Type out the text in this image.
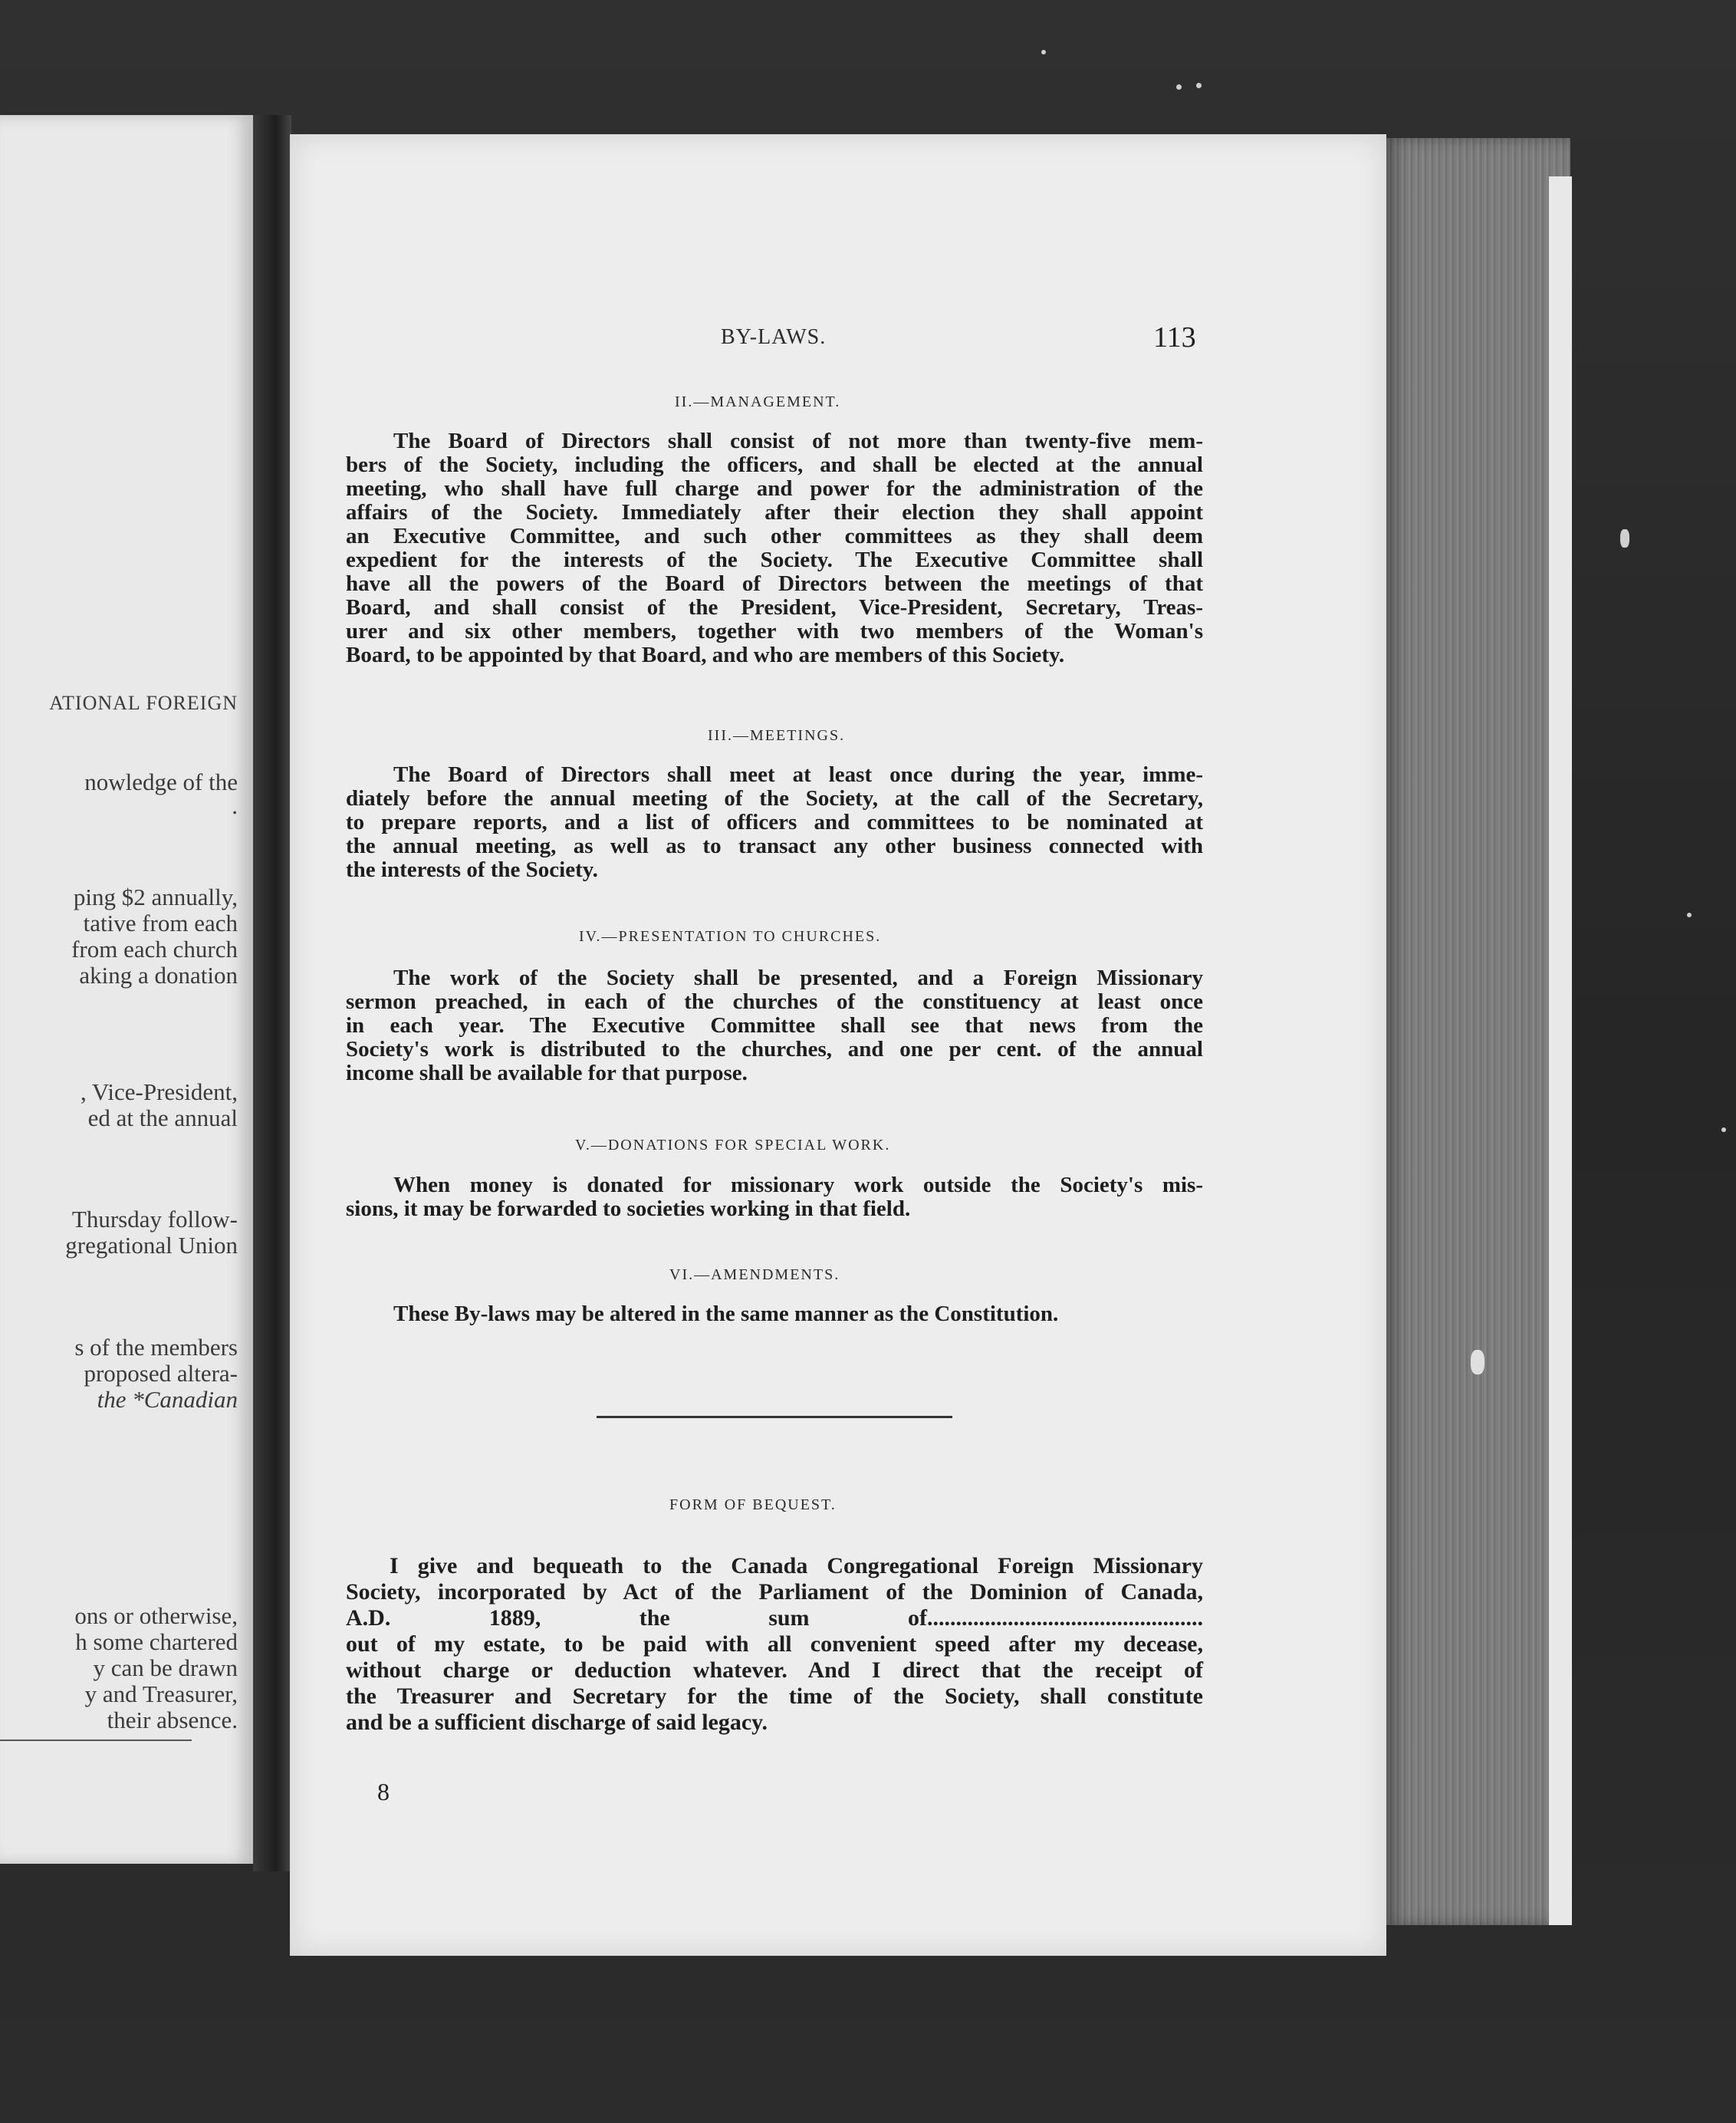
ATIONAL FOREIGN
nowledge of the
.
ping $2 annually,
tative from each
from each church
aking a donation
, Vice-President,
ed at the annual
Thursday follow-
gregational Union
s of the members
proposed altera-
the *Canadian
ons or otherwise,
h some chartered
y can be drawn
y and Treasurer,
their absence.
BY-LAWS.	113
II.—MANAGEMENT.
The Board of Directors shall consist of not more than twenty-five mem-
bers of the Society, including the officers, and shall be elected at the annual
meeting, who shall have full charge and power for the administration of the
affairs of the Society. Immediately after their election they shall appoint
an Executive Committee, and such other committees as they shall deem
expedient for the interests of the Society. The Executive Committee shall
have all the powers of the Board of Directors between the meetings of that
Board, and shall consist of the President, Vice-President, Secretary, Treas-
urer and six other members, together with two members of the Woman's
Board, to be appointed by that Board, and who are members of this Society.
III.—MEETINGS.
The Board of Directors shall meet at least once during the year, imme-
diately before the annual meeting of the Society, at the call of the Secretary,
to prepare reports, and a list of officers and committees to be nominated at
the annual meeting, as well as to transact any other business connected with
the interests of the Society.
IV.—PRESENTATION TO CHURCHES.
The work of the Society shall be presented, and a Foreign Missionary
sermon preached, in each of the churches of the constituency at least once
in each year. The Executive Committee shall see that news from the
Society's work is distributed to the churches, and one per cent. of the annual
income shall be available for that purpose.
V.—DONATIONS FOR SPECIAL WORK.
When money is donated for missionary work outside the Society's mis-
sions, it may be forwarded to societies working in that field.
VI.—AMENDMENTS.
These By-laws may be altered in the same manner as the Constitution.
FORM OF BEQUEST.
I give and bequeath to the Canada Congregational Foreign Missionary
Society, incorporated by Act of the Parliament of the Dominion of Canada,
A.D. 1889, the sum of................................................
out of my estate, to be paid with all convenient speed after my decease,
without charge or deduction whatever. And I direct that the receipt of
the Treasurer and Secretary for the time of the Society, shall constitute
and be a sufficient discharge of said legacy.
8
